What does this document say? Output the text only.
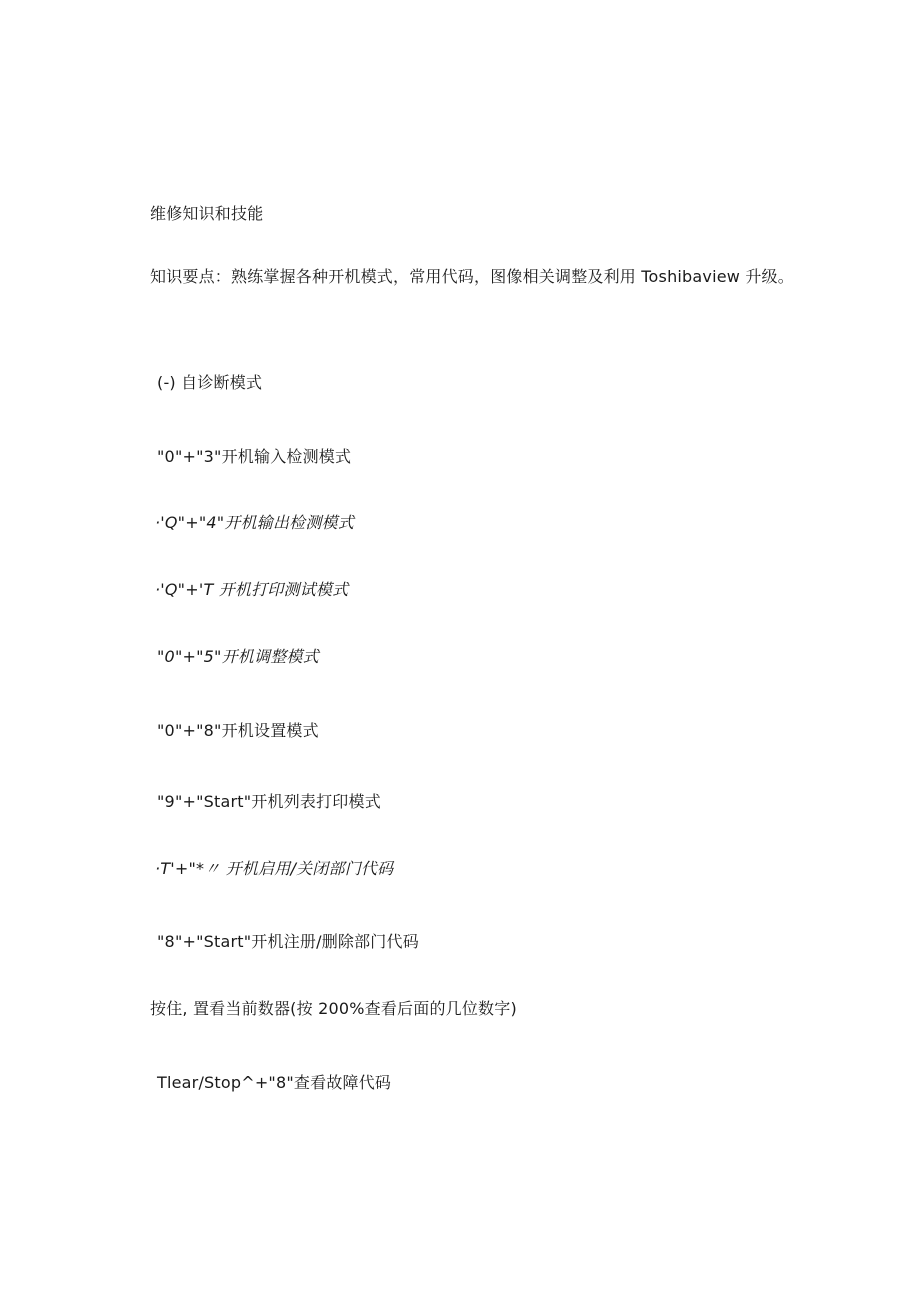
维修知识和技能
知识要点：熟练掌握各种开机模式，常用代码，图像相关调整及利用 Toshibaview 升级。
(-) 自诊断模式
"0"+"3"开机输入检测模式
·'Q"+"4"开机输出检测模式
·'Q"+'T 开机打印测试模式
"0"+"5"开机调整模式
"0"+"8"开机设置模式
"9"+"Start"开机列表打印模式
·T'+"*〃 开机启用/关闭部门代码
"8"+"Start"开机注册/删除部门代码
按住, 置看当前数器(按 200%查看后面的几位数字)
Tlear/Stop^+"8"查看故障代码
